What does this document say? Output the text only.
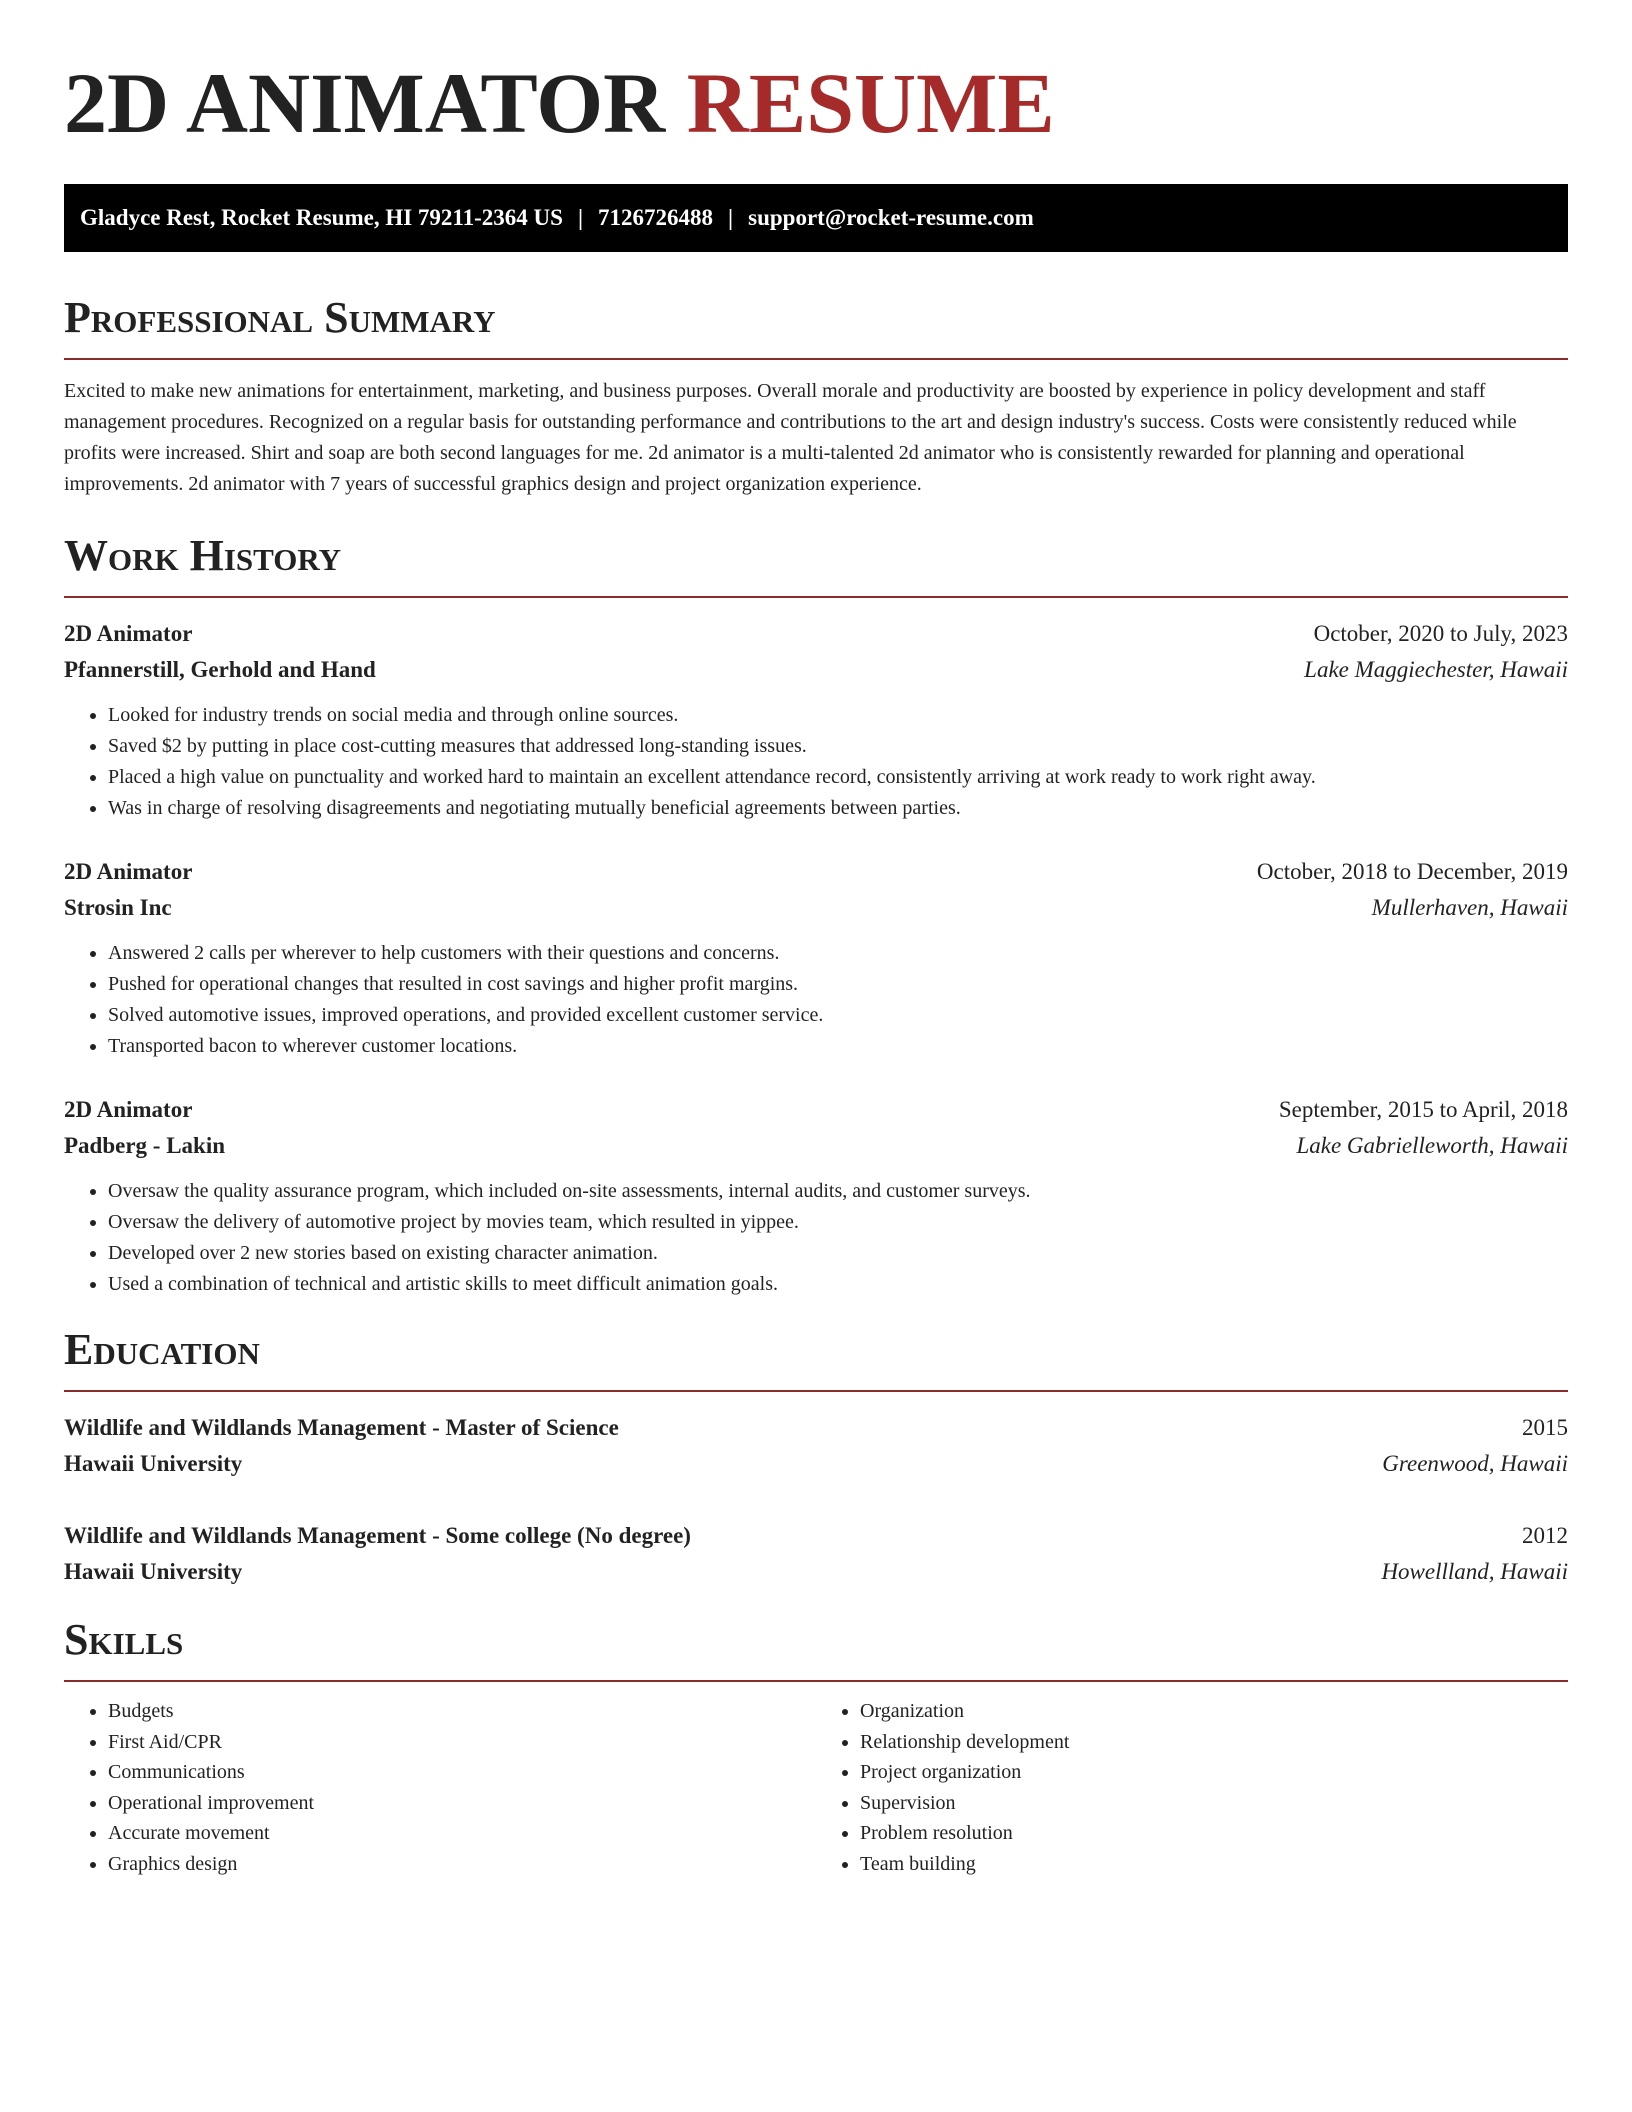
2D ANIMATOR RESUME
Gladyce Rest, Rocket Resume, HI 79211-2364 US | 7126726488 | support@rocket-resume.com
Professional Summary

Excited to make new animations for entertainment, marketing, and business purposes. Overall morale and productivity are boosted by experience in policy development and staff management procedures. Recognized on a regular basis for outstanding performance and contributions to the art and design industry's success. Costs were consistently reduced while profits were increased. Shirt and soap are both second languages for me. 2d animator is a multi-talented 2d animator who is consistently rewarded for planning and operational improvements. 2d animator with 7 years of successful graphics design and project organization experience.

Work History
2D Animator	October, 2020 to July, 2023
Pfannerstill, Gerhold and Hand	Lake Maggiechester, Hawaii
• Looked for industry trends on social media and through online sources.
• Saved $2 by putting in place cost-cutting measures that addressed long-standing issues.
• Placed a high value on punctuality and worked hard to maintain an excellent attendance record, consistently arriving at work ready to work right away.
• Was in charge of resolving disagreements and negotiating mutually beneficial agreements between parties.
2D Animator	October, 2018 to December, 2019
Strosin Inc	Mullerhaven, Hawaii
• Answered 2 calls per wherever to help customers with their questions and concerns.
• Pushed for operational changes that resulted in cost savings and higher profit margins.
• Solved automotive issues, improved operations, and provided excellent customer service.
• Transported bacon to wherever customer locations.
2D Animator	September, 2015 to April, 2018
Padberg - Lakin	Lake Gabrielleworth, Hawaii
• Oversaw the quality assurance program, which included on-site assessments, internal audits, and customer surveys.
• Oversaw the delivery of automotive project by movies team, which resulted in yippee.
• Developed over 2 new stories based on existing character animation.
• Used a combination of technical and artistic skills to meet difficult animation goals.
Education
Wildlife and Wildlands Management - Master of Science	2015
Hawaii University	Greenwood, Hawaii
Wildlife and Wildlands Management - Some college (No degree)	2012
Hawaii University	Howellland, Hawaii
Skills
• Budgets
• First Aid/CPR
• Communications
• Operational improvement
• Accurate movement
• Graphics design
• Organization
• Relationship development
• Project organization
• Supervision
• Problem resolution
• Team building
